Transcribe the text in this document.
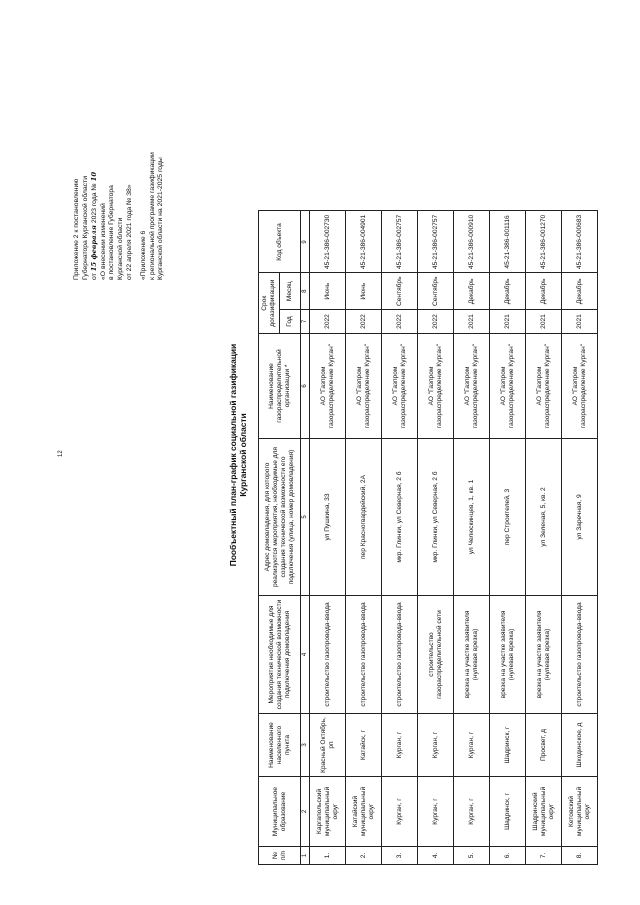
12
Приложение 2 к постановлению Губернатора Курганской области от 15 февраля 2023 года № 10
«О внесении изменений в постановление Губернатора Курганской области от 22 апреля 2021 года № 38» «Приложение 6 к региональной программе газификации Курганской области на 2021-2025 годы
Пообъектный план-график социальной газификации Курганской области
№ п/п	Муниципальное образование	Наименование населенного пункта	Мероприятия необходимые для создания технической возможности подключения домовладения	Адрес домовладения, для которого реализуются мероприятия, необходимые для создания технической возможности его подключения (улица, номер домовладения)	Наименование газораспределительной организации *	Срок догазификации		Код объекта
						Год	Месяц	
1	2	3	4	5	6	7	8	9
1.	Каргапольский муниципальный округ	Красный Октябрь, рп	строительство газопровода-ввода	ул Пушкина, 33	АО "Газпром газораспределение Курган"	2022	Июнь	45-21-386-002730
2.	Катайский муниципальный округ	Катайск, г	строительство газопровода-ввода	пер Красногвардейский, 2А	АО "Газпром газораспределение Курган"	2022	Июнь	45-21-386-004901
3.	Курган, г	Курган, г	строительство газопровода-ввода	мкр. Глинки, ул Северная, 2 б	АО "Газпром газораспределение Курган"	2022	Сентябрь	45-21-386-002757
4.	Курган, г	Курган, г	строительство газораспределительной сети	мкр. Глинки, ул Северная, 2 б	АО "Газпром газораспределение Курган"	2022	Сентябрь	45-21-386-002757
5.	Курган, г	Курган, г	врезка на участке заявителя (нулевая врезка)	ул Челюскинцев, 1, кв. 1	АО "Газпром газораспределение Курган"	2021	Декабрь	45-21-386-000910
6.	Шадринск, г	Шадринск, г	врезка на участке заявителя (нулевая врезка)	пер Строителей, 3	АО "Газпром газораспределение Курган"	2021	Декабрь	45-21-386-001116
7.	Шадринский муниципальный округ	Просвет, д	врезка на участке заявителя (нулевая врезка)	ул Зеленая, 5, кв. 2	АО "Газпром газораспределение Курган"	2021	Декабрь	45-21-386-001270
8.	Кетовский муниципальный округ	Шкодинское, д	строительство газопровода-ввода	ул Заречная, 9	АО "Газпром газораспределение Курган"	2021	Декабрь	45-21-386-000683
